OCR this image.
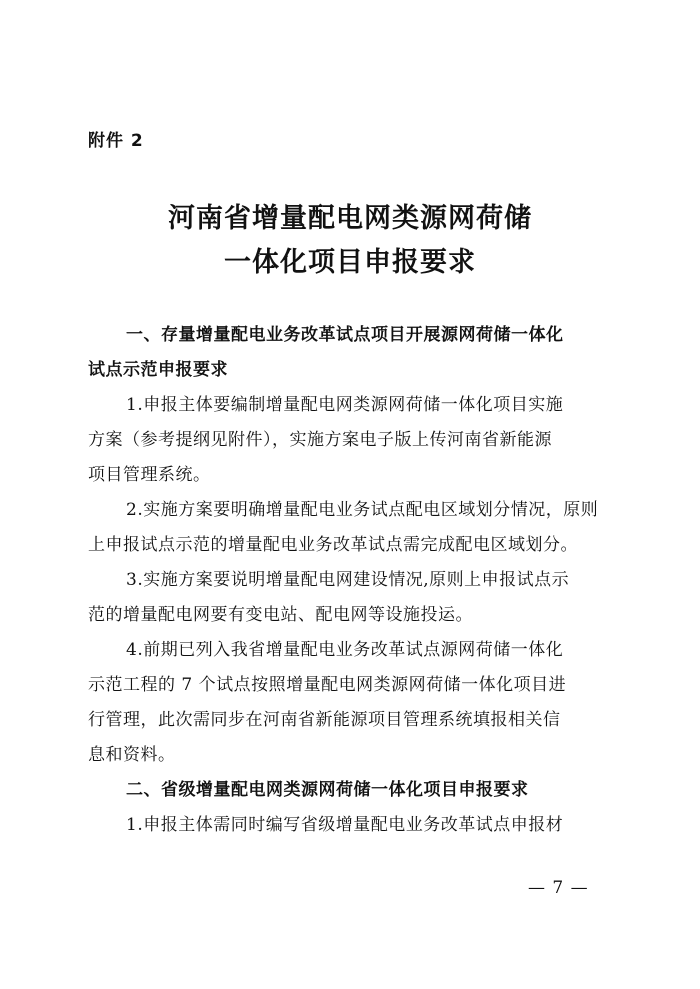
附件 2
河南省增量配电网类源网荷储
一体化项目申报要求
一、存量增量配电业务改革试点项目开展源网荷储一体化
试点示范申报要求
1.申报主体要编制增量配电网类源网荷储一体化项目实施
方案（参考提纲见附件），实施方案电子版上传河南省新能源
项目管理系统。
2.实施方案要明确增量配电业务试点配电区域划分情况，原则
上申报试点示范的增量配电业务改革试点需完成配电区域划分。
3.实施方案要说明增量配电网建设情况,原则上申报试点示
范的增量配电网要有变电站、配电网等设施投运。
4.前期已列入我省增量配电业务改革试点源网荷储一体化
示范工程的 7 个试点按照增量配电网类源网荷储一体化项目进
行管理，此次需同步在河南省新能源项目管理系统填报相关信
息和资料。
二、省级增量配电网类源网荷储一体化项目申报要求
1.申报主体需同时编写省级增量配电业务改革试点申报材
— 7 —
